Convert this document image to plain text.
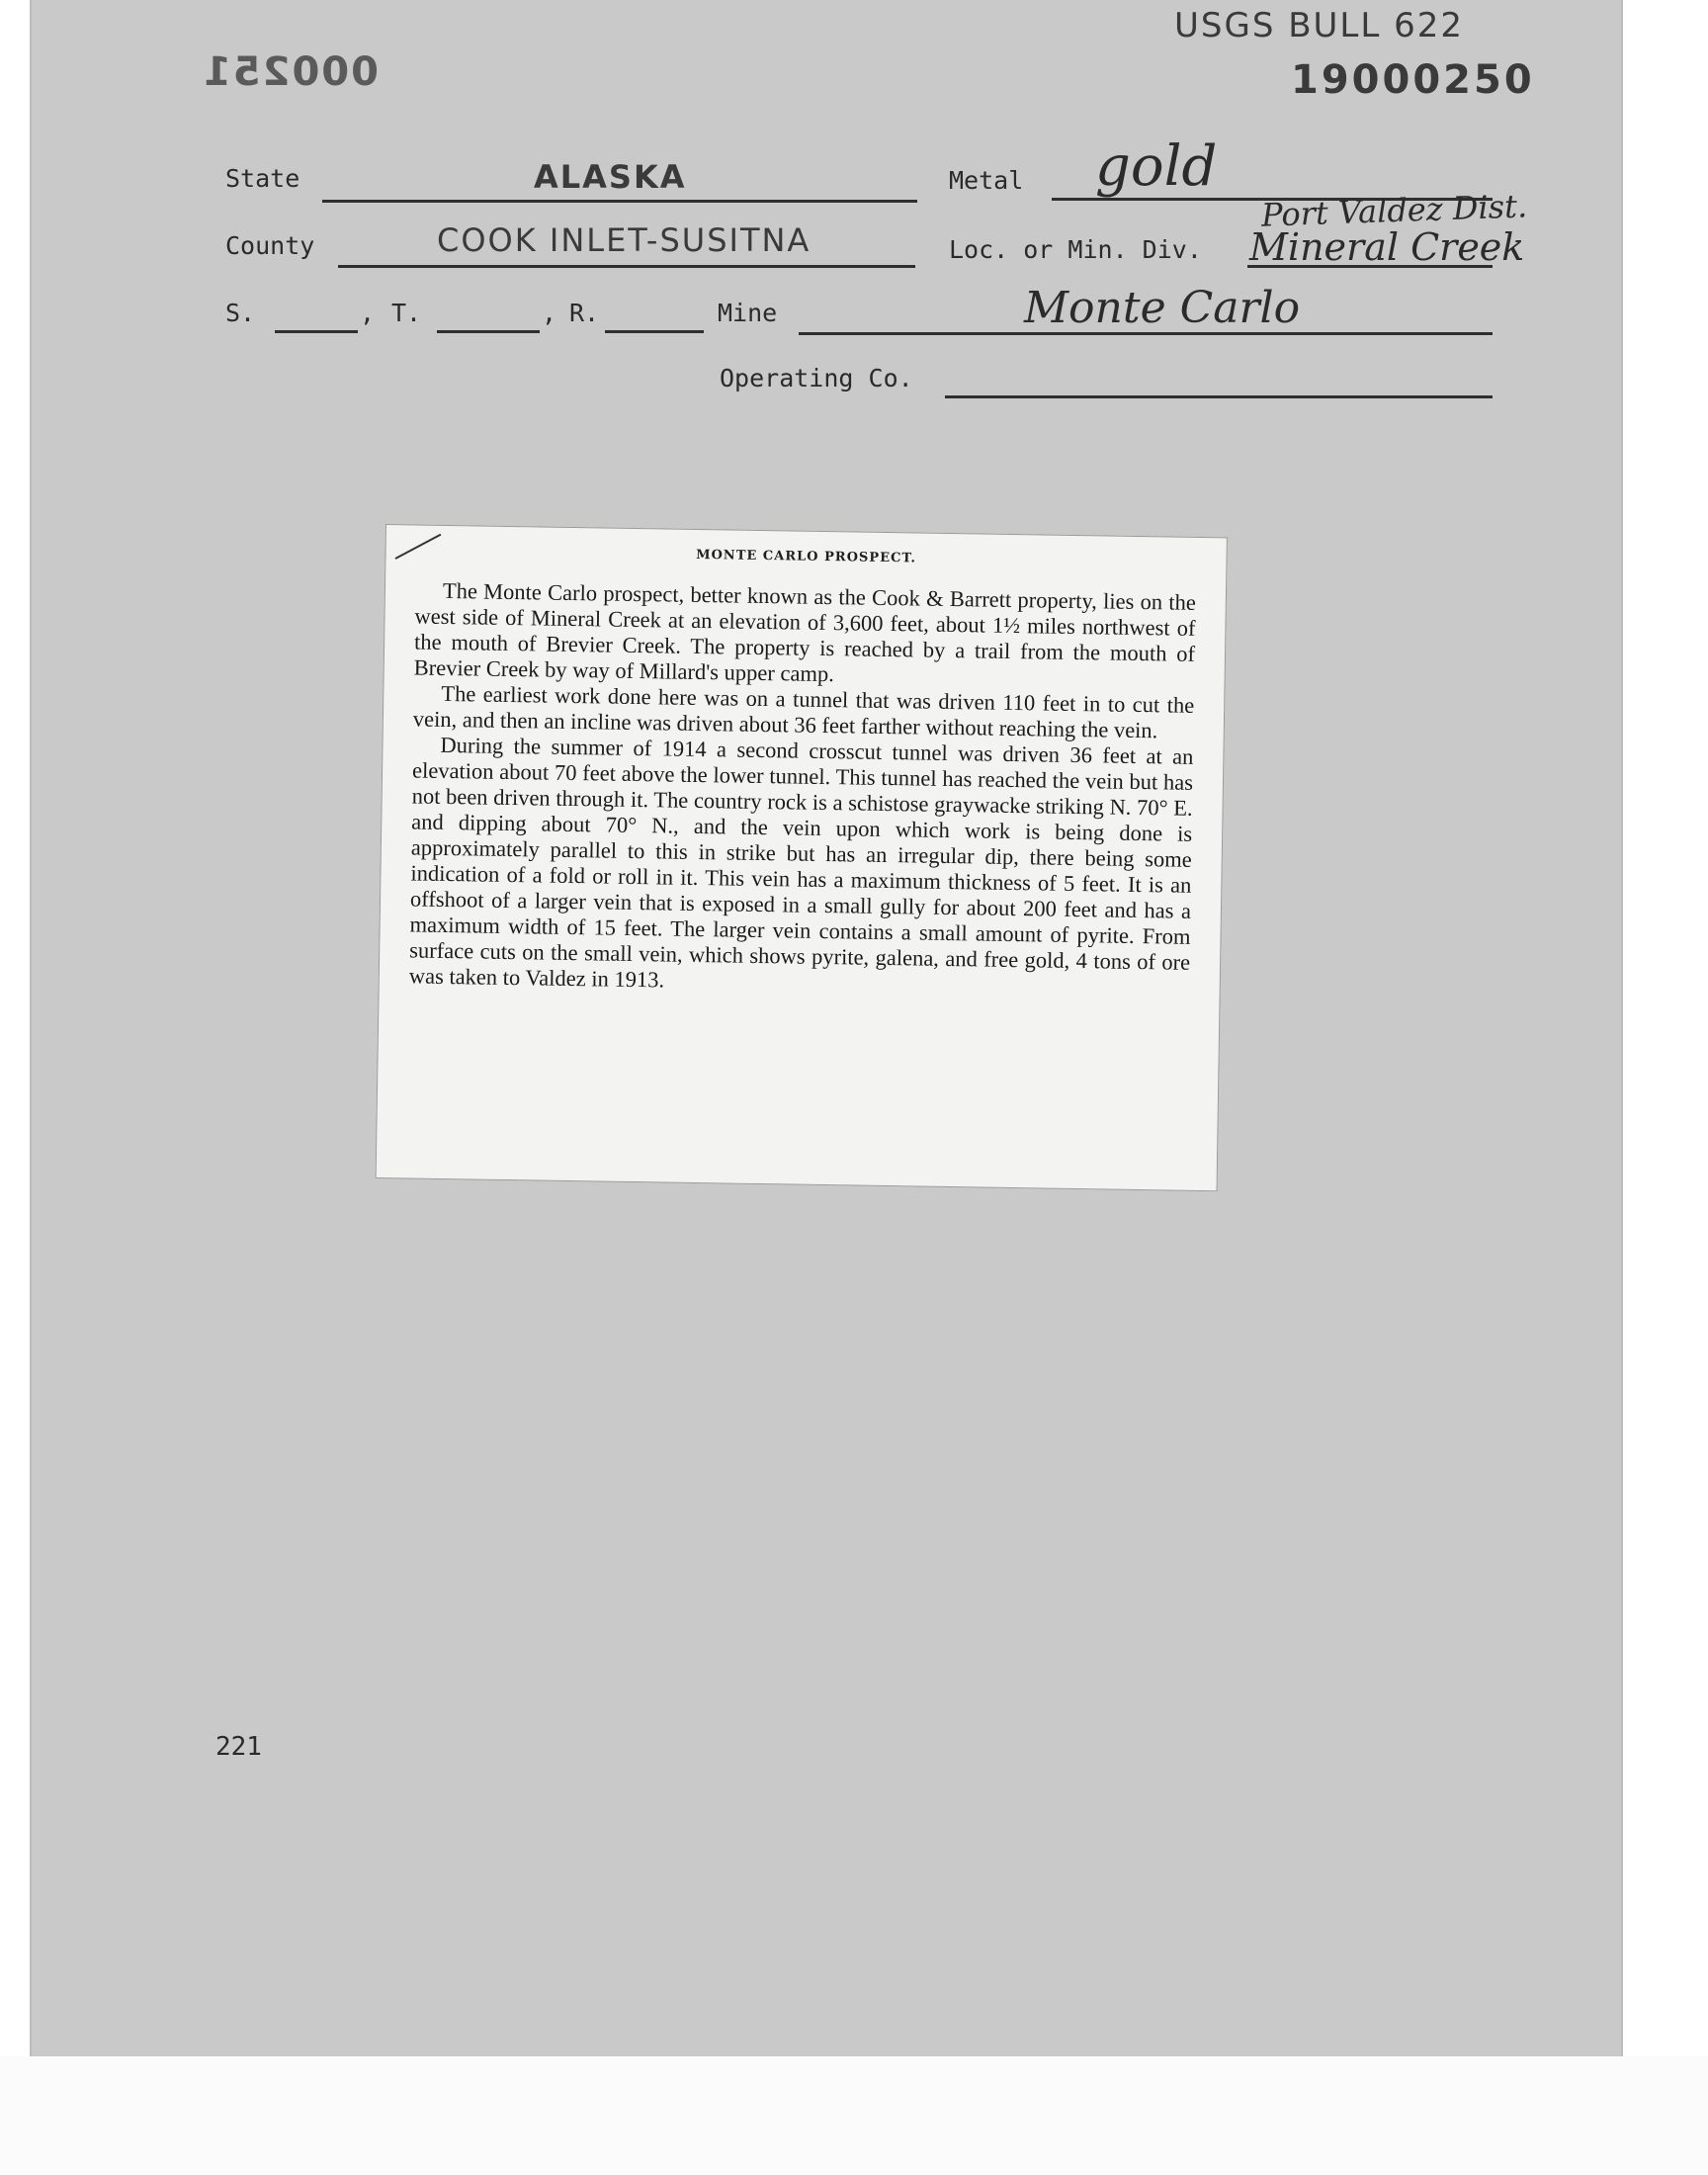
USGS BULL 622
19000250
000251
State	ALASKA	Metal gold
County	COOK INLET-SUSITNA	Loc. or Min. Div.
Port Valdez Dist.
Mineral Creek
S.	, T.	, R.	Mine	Monte Carlo
Operating Co.
MONTE CARLO PROSPECT.

The Monte Carlo prospect, better known as the Cook & Barrett property, lies on the west side of Mineral Creek at an elevation of 3,600 feet, about 1½ miles northwest of the mouth of Brevier Creek. The property is reached by a trail from the mouth of Brevier Creek by way of Millard's upper camp.

The earliest work done here was on a tunnel that was driven 110 feet in to cut the vein, and then an incline was driven about 36 feet farther without reaching the vein.

During the summer of 1914 a second crosscut tunnel was driven 36 feet at an elevation about 70 feet above the lower tunnel. This tunnel has reached the vein but has not been driven through it. The country rock is a schistose graywacke striking N. 70° E. and dipping about 70° N., and the vein upon which work is being done is approximately parallel to this in strike but has an irregular dip, there being some indication of a fold or roll in it. This vein has a maximum thickness of 5 feet. It is an offshoot of a larger vein that is exposed in a small gully for about 200 feet and has a maximum width of 15 feet. The larger vein contains a small amount of pyrite. From surface cuts on the small vein, which shows pyrite, galena, and free gold, 4 tons of ore was taken to Valdez in 1913.

221
